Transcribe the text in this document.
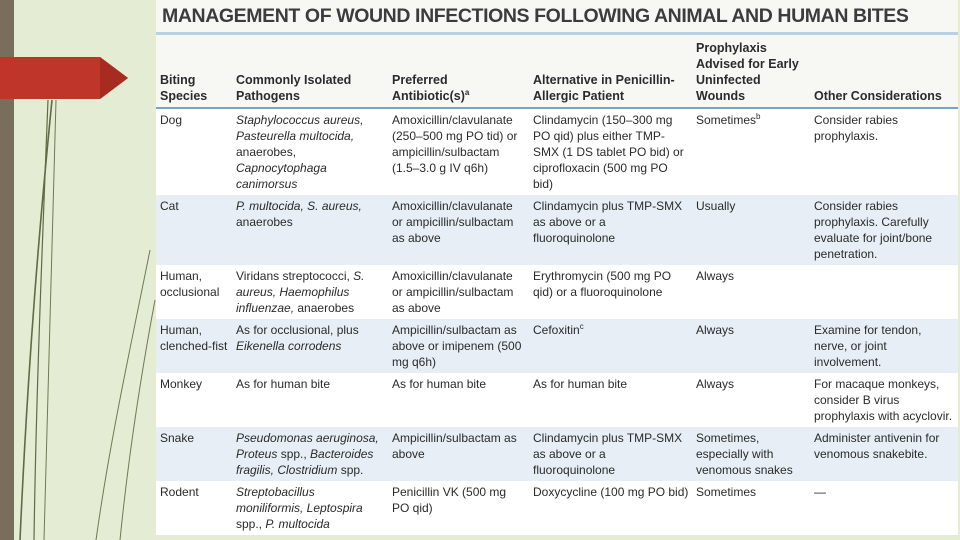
MANAGEMENT OF WOUND INFECTIONS FOLLOWING ANIMAL AND HUMAN BITES
Biting Species	Commonly Isolated Pathogens	Preferred $Antibiotic(s)^a$	Alternative in Penicillin-Allergic Patient	Prophylaxis Advised for Early Uninfected Wounds	Other Considerations
Dog	Staphylococcus aureus, Pasteurella multocida, anaerobes, Capnocytophaga canimorsus	Amoxicillin/clavulanate (250–500 mg PO tid) or ampicillin/sulbactam (1.5–3.0 g IV q6h)	Clindamycin (150–300 mg PO qid) plus either TMP-SMX (1 DS tablet PO bid) or ciprofloxacin (500 mg PO bid)	Sometimes$^b$	Consider rabies prophylaxis.
Cat	P. multocida, S. aureus, anaerobes	Amoxicillin/clavulanate or ampicillin/sulbactam as above	Clindamycin plus TMP-SMX as above or a fluoroquinolone	Usually	Consider rabies prophylaxis. Carefully evaluate for joint/bone penetration.
Human, occlusional	Viridans streptococci, S. aureus, Haemophilus influenzae, anaerobes	Amoxicillin/clavulanate or ampicillin/sulbactam as above	Erythromycin (500 mg PO qid) or a fluoroquinolone	Always	
Human, clenched-fist	As for occlusional, plus Eikenella corrodens	Ampicillin/sulbactam as above or imipenem (500 mg q6h)	Cefoxitin$^c$	Always	Examine for tendon, nerve, or joint involvement.
Monkey	As for human bite	As for human bite	As for human bite	Always	For macaque monkeys, consider B virus prophylaxis with acyclovir.
Snake	Pseudomonas aeruginosa, Proteus spp., Bacteroides fragilis, Clostridium spp.	Ampicillin/sulbactam as above	Clindamycin plus TMP-SMX as above or a fluoroquinolone	Sometimes, especially with venomous snakes	Administer antivenin for venomous snakebite.
Rodent	Streptobacillus moniliformis, Leptospira spp., P. multocida	Penicillin VK (500 mg PO qid)	Doxycycline (100 mg PO bid)	Sometimes	—
